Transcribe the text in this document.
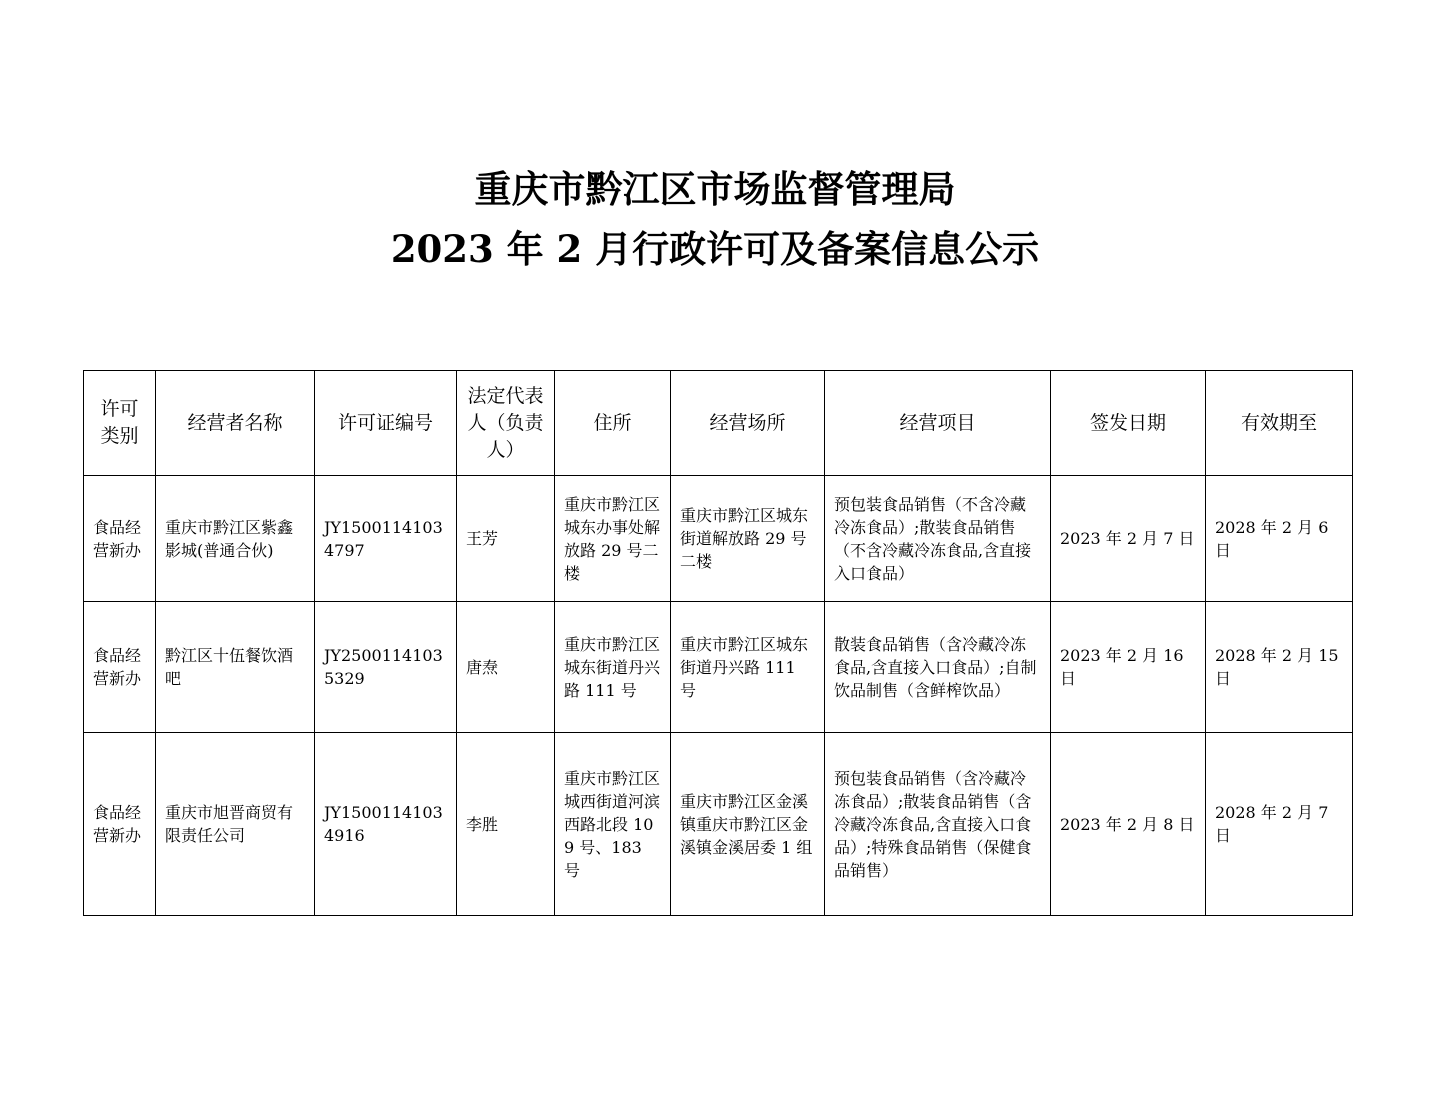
重庆市黔江区市场监督管理局
2023 年 2 月行政许可及备案信息公示
许可类别	经营者名称	许可证编号	法定代表人（负责人）	住所	经营场所	经营项目	签发日期	有效期至
食品经营新办	重庆市黔江区紫鑫影城(普通合伙)	JY15001141034797	王芳	重庆市黔江区城东办事处解放路 29 号二楼	重庆市黔江区城东街道解放路 29 号二楼	预包装食品销售（不含冷藏冷冻食品）;散装食品销售（不含冷藏冷冻食品,含直接入口食品）	2023 年 2 月 7 日	2028 年 2 月 6 日
食品经营新办	黔江区十伍餐饮酒吧	JY25001141035329	唐焘	重庆市黔江区城东街道丹兴路 111 号	重庆市黔江区城东街道丹兴路 111 号	散装食品销售（含冷藏冷冻食品,含直接入口食品）;自制饮品制售（含鲜榨饮品）	2023 年 2 月 16 日	2028 年 2 月 15 日
食品经营新办	重庆市旭晋商贸有限责任公司	JY15001141034916	李胜	重庆市黔江区城西街道河滨西路北段 109 号、183 号	重庆市黔江区金溪镇重庆市黔江区金溪镇金溪居委 1 组	预包装食品销售（含冷藏冷冻食品）;散装食品销售（含冷藏冷冻食品,含直接入口食品）;特殊食品销售（保健食品销售）	2023 年 2 月 8 日	2028 年 2 月 7 日
